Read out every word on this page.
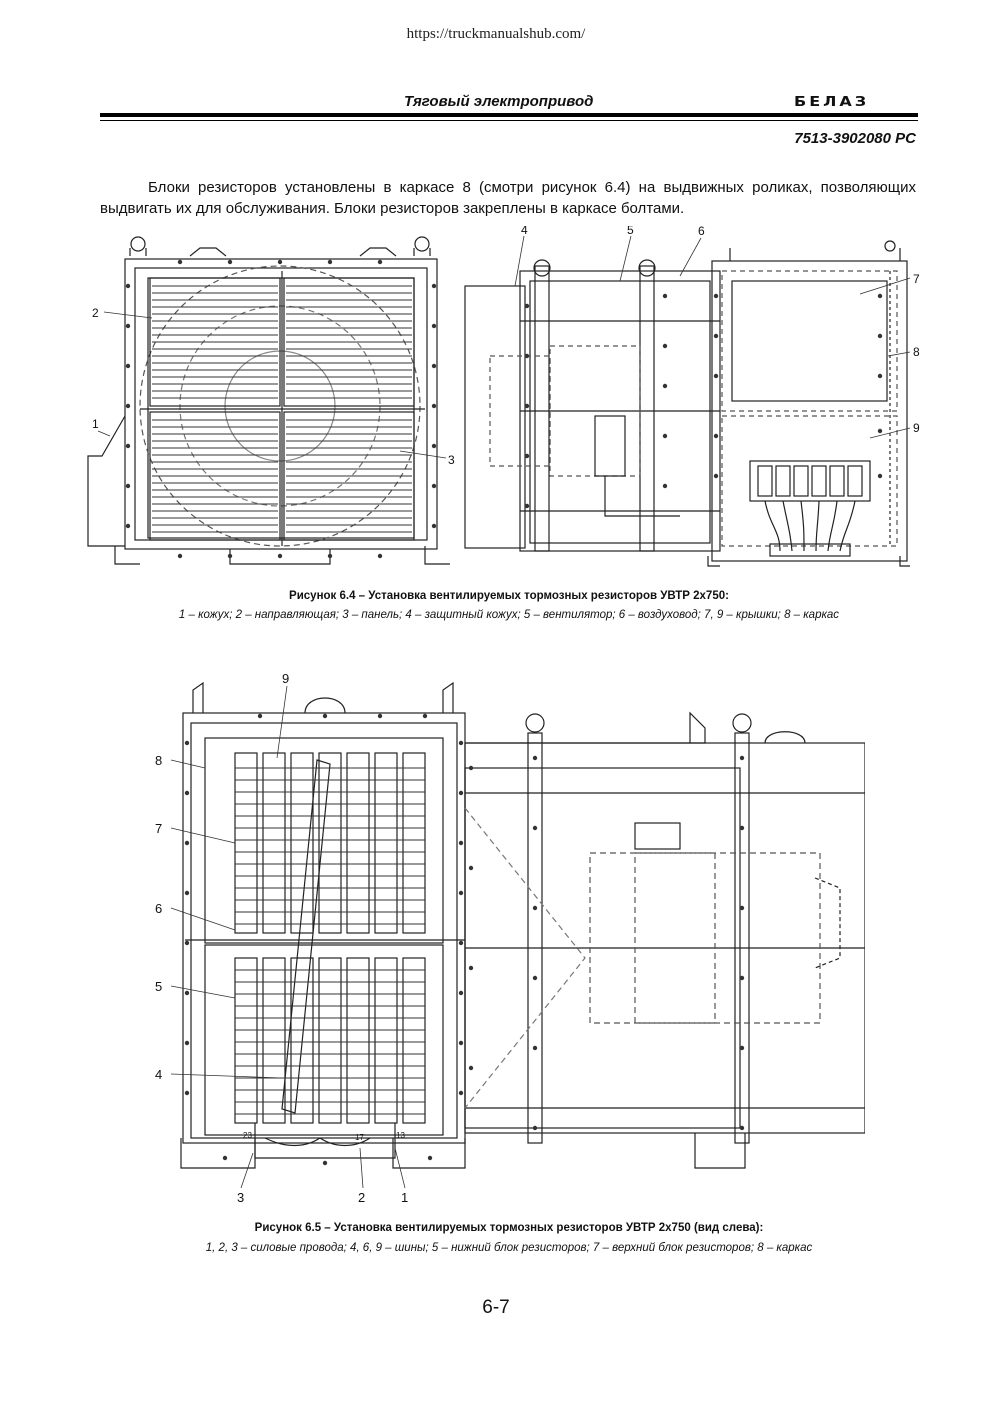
https://truckmanualshub.com/
Тяговый электропривод	БЕЛАЗ
7513-3902080 РС
Блоки резисторов установлены в каркасе 8 (смотри рисунок 6.4) на выдвижных роликах, позволяющих выдвигать их для обслуживания. Блоки резисторов закреплены в каркасе болтами.
2
1
3
4	5	6
7
8
9
Рисунок 6.4 – Установка вентилируемых тормозных резисторов УВТР 2х750:
1 – кожух; 2 – направляющая; 3 – панель; 4 – защитный кожух; 5 – вентилятор; 6 – воздуховод; 7, 9 – крышки; 8 – каркас
8
7
6
5
4
9
3	2	1
23	17	13
Рисунок 6.5 – Установка вентилируемых тормозных резисторов УВТР 2х750 (вид слева):
1, 2, 3 – силовые провода; 4, 6, 9 – шины; 5 – нижний блок резисторов; 7 – верхний блок резисторов; 8 – каркас
6-7
